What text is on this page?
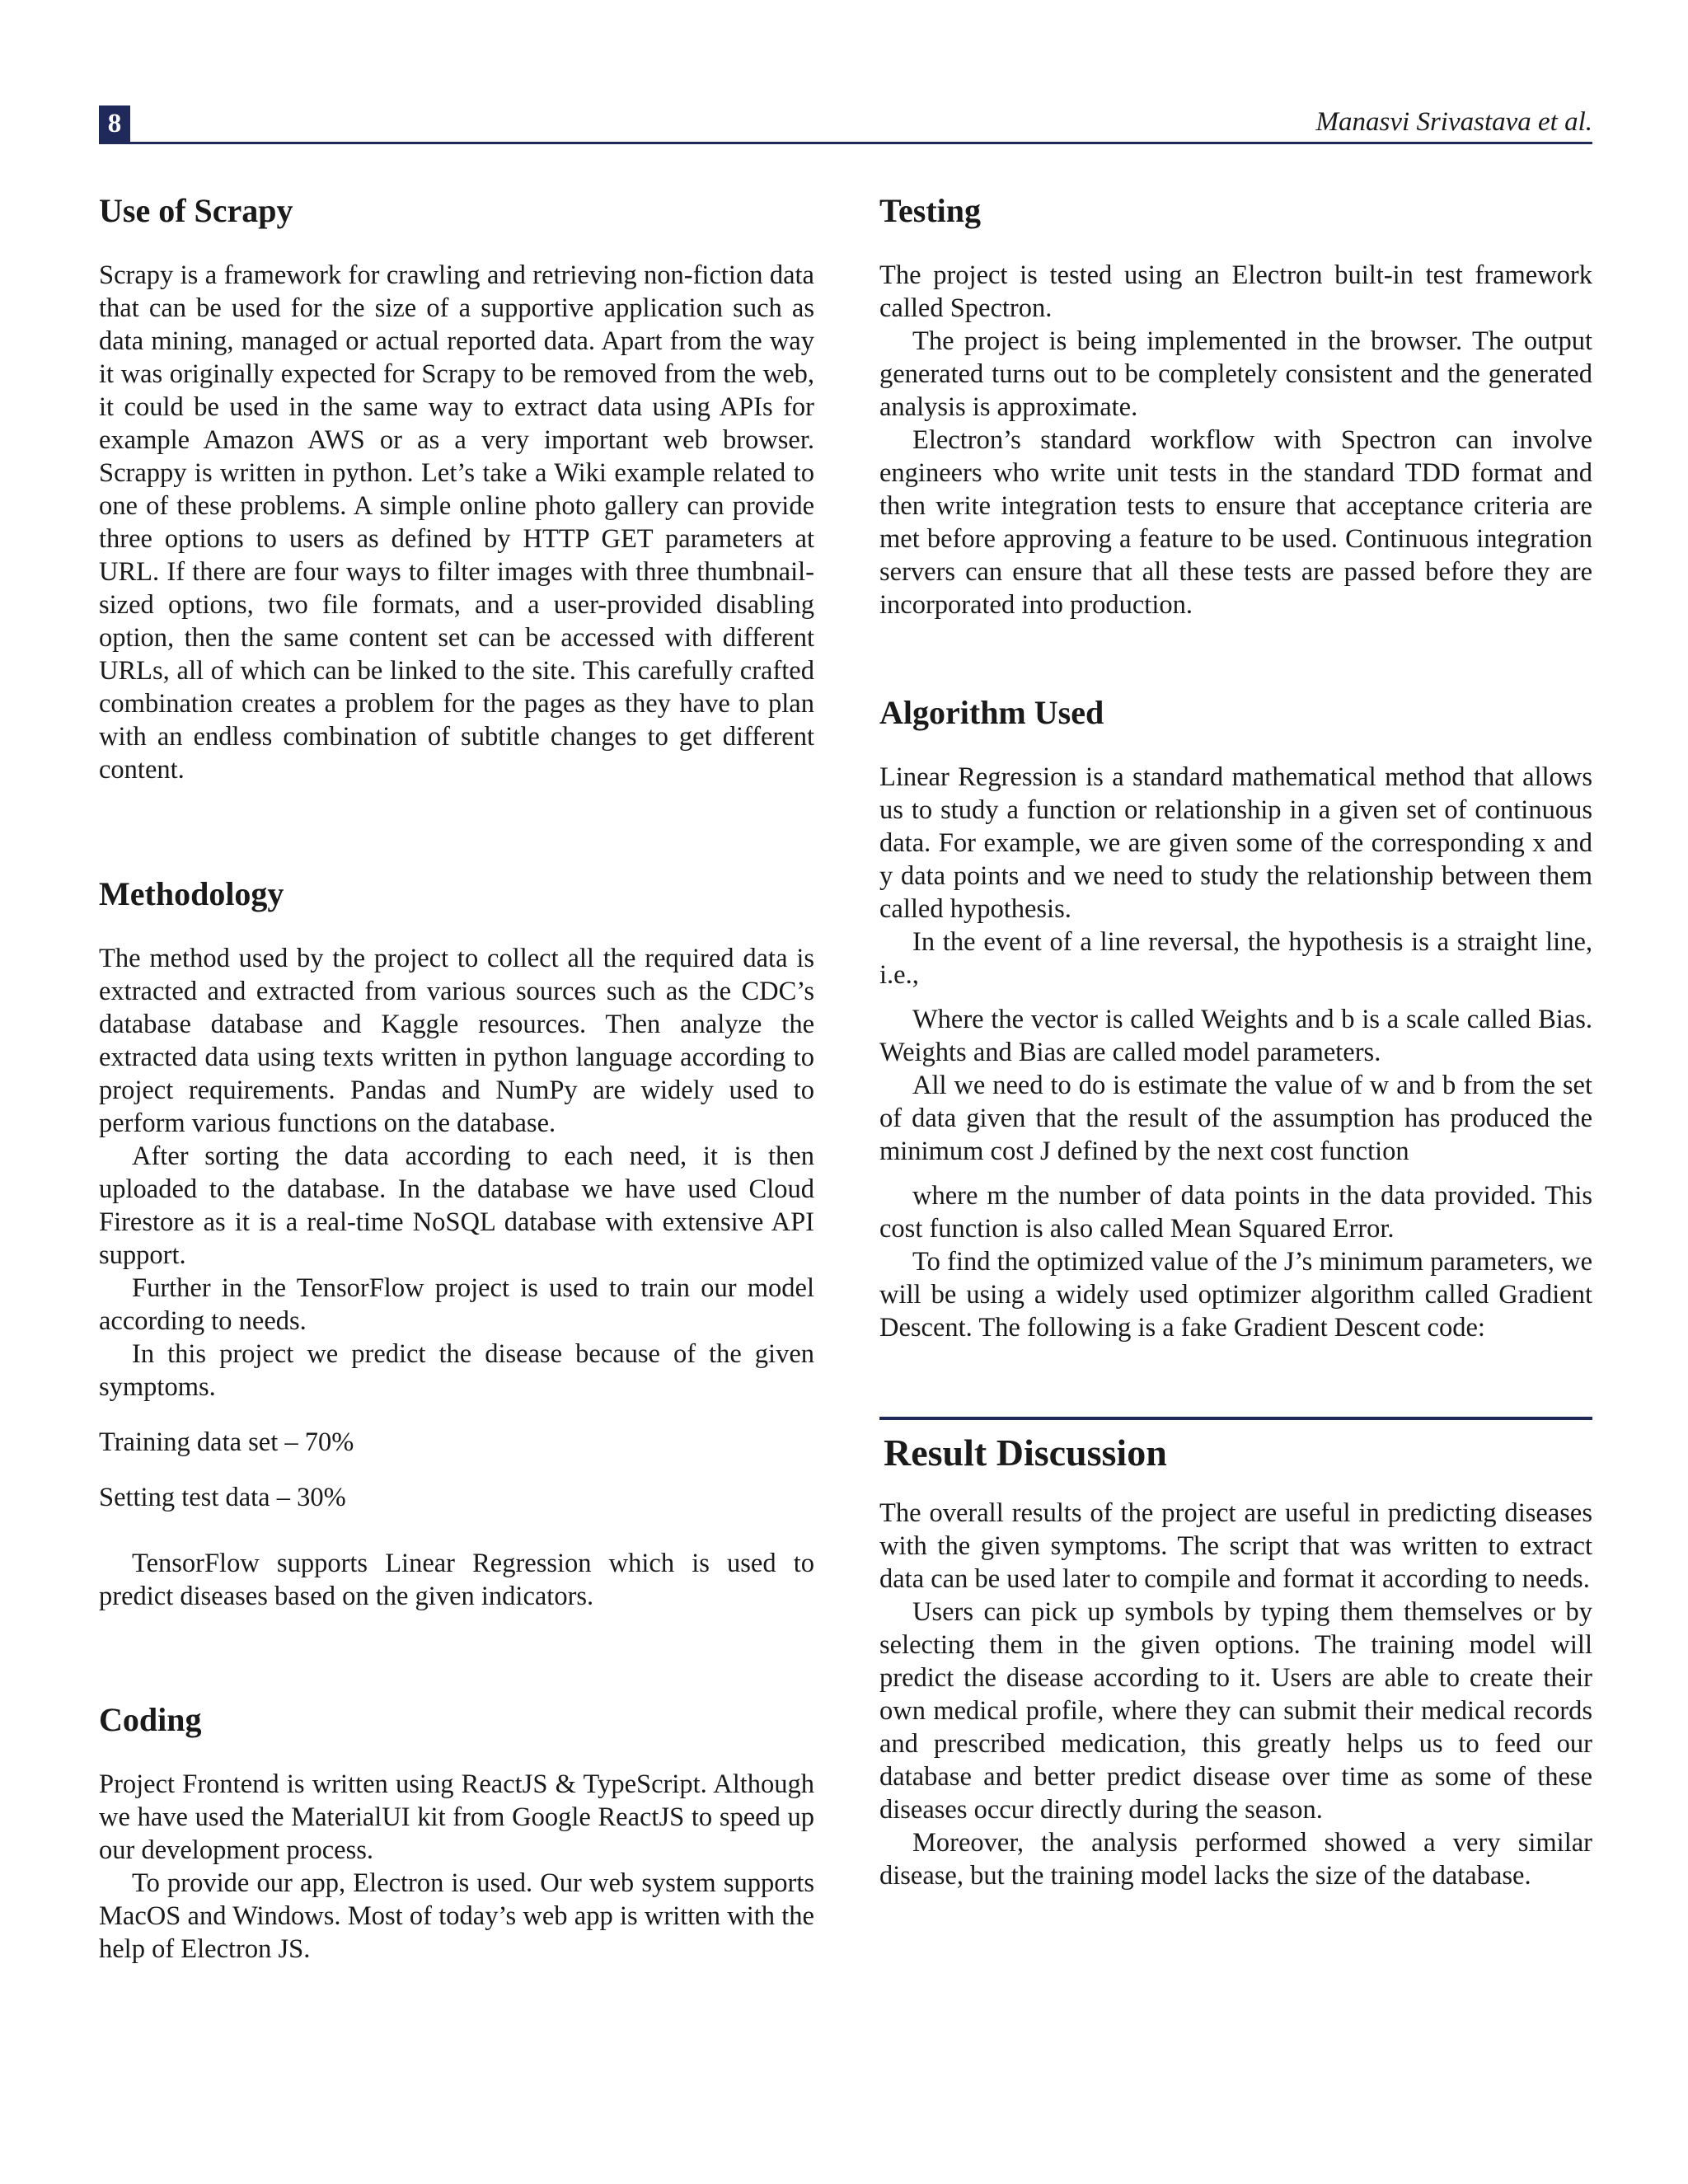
8	Manasvi Srivastava et al.
Use of Scrapy

Scrapy is a framework for crawling and retrieving non-fiction data that can be used for the size of a supportive application such as data mining, managed or actual reported data. Apart from the way it was originally expected for Scrapy to be removed from the web, it could be used in the same way to extract data using APIs for example Amazon AWS or as a very important web browser. Scrappy is written in python. Let’s take a Wiki example related to one of these problems. A simple online photo gallery can provide three options to users as defined by HTTP GET parameters at URL. If there are four ways to filter images with three thumbnail-sized options, two file formats, and a user-provided disabling option, then the same content set can be accessed with different URLs, all of which can be linked to the site. This carefully crafted combination creates a problem for the pages as they have to plan with an endless combination of subtitle changes to get different content.

Methodology

The method used by the project to collect all the required data is extracted and extracted from various sources such as the CDC’s database database and Kaggle resources. Then analyze the extracted data using texts written in python language according to project requirements. Pandas and NumPy are widely used to perform various functions on the database.

After sorting the data according to each need, it is then uploaded to the database. In the database we have used Cloud Firestore as it is a real-time NoSQL database with extensive API support.

Further in the TensorFlow project is used to train our model according to needs.

In this project we predict the disease because of the given symptoms.

Training data set – 70%

Setting test data – 30%

TensorFlow supports Linear Regression which is used to predict diseases based on the given indicators.

Coding

Project Frontend is written using ReactJS & TypeScript. Although we have used the MaterialUI kit from Google ReactJS to speed up our development process.

To provide our app, Electron is used. Our web system supports MacOS and Windows. Most of today’s web app is written with the help of Electron JS.

Testing

The project is tested using an Electron built-in test framework called Spectron.

The project is being implemented in the browser. The output generated turns out to be completely consistent and the generated analysis is approximate.

Electron’s standard workflow with Spectron can involve engineers who write unit tests in the standard TDD format and then write integration tests to ensure that acceptance criteria are met before approving a feature to be used. Continuous integration servers can ensure that all these tests are passed before they are incorporated into production.

Algorithm Used

Linear Regression is a standard mathematical method that allows us to study a function or relationship in a given set of continuous data. For example, we are given some of the corresponding x and y data points and we need to study the relationship between them called hypothesis.

In the event of a line reversal, the hypothesis is a straight line, i.e.,

Where the vector is called Weights and b is a scale called Bias. Weights and Bias are called model parameters.

All we need to do is estimate the value of w and b from the set of data given that the result of the assumption has produced the minimum cost J defined by the next cost function

where m the number of data points in the data provided. This cost function is also called Mean Squared Error.

To find the optimized value of the J’s minimum parameters, we will be using a widely used optimizer algorithm called Gradient Descent. The following is a fake Gradient Descent code:

Result Discussion

The overall results of the project are useful in predicting diseases with the given symptoms. The script that was written to extract data can be used later to compile and format it according to needs.

Users can pick up symbols by typing them themselves or by selecting them in the given options. The training model will predict the disease according to it. Users are able to create their own medical profile, where they can submit their medical records and prescribed medication, this greatly helps us to feed our database and better predict disease over time as some of these diseases occur directly during the season.

Moreover, the analysis performed showed a very similar disease, but the training model lacks the size of the database.
